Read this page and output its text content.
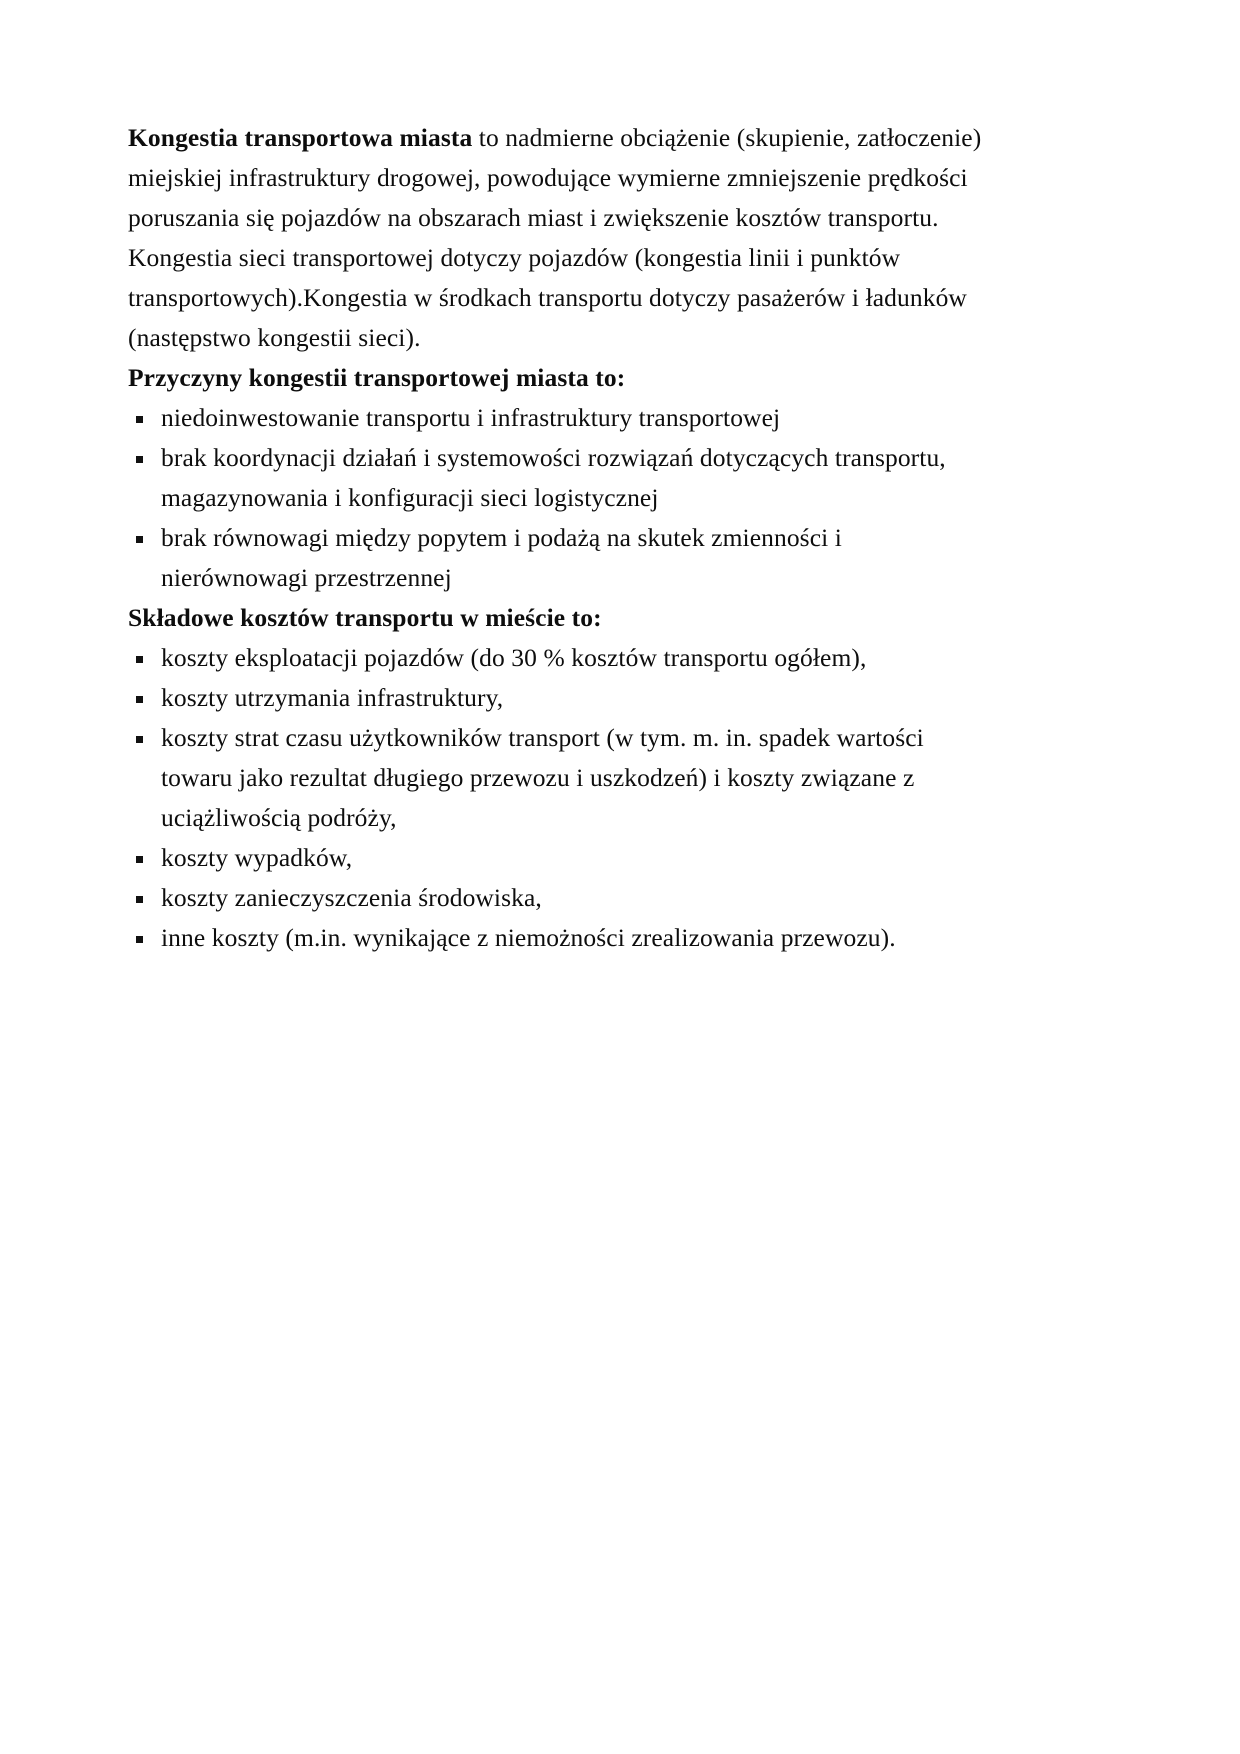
Kongestia transportowa miasta to nadmierne obciążenie (skupienie, zatłoczenie) miejskiej infrastruktury drogowej, powodujące wymierne zmniejszenie prędkości poruszania się pojazdów na obszarach miast i zwiększenie kosztów transportu. Kongestia sieci transportowej dotyczy pojazdów (kongestia linii i punktów transportowych).Kongestia w środkach transportu dotyczy pasażerów i ładunków (następstwo kongestii sieci).

Przyczyny kongestii transportowej miasta to:
niedoinwestowanie transportu i infrastruktury transportowej
brak koordynacji działań i systemowości rozwiązań dotyczących transportu, magazynowania i konfiguracji sieci logistycznej
brak równowagi między popytem i podażą na skutek zmienności i nierównowagi przestrzennej
Składowe kosztów transportu w mieście to:
koszty eksploatacji pojazdów (do 30 % kosztów transportu ogółem),
koszty utrzymania infrastruktury,
koszty strat czasu użytkowników transport (w tym. m. in. spadek wartości towaru jako rezultat długiego przewozu i uszkodzeń) i koszty związane z uciążliwością podróży,
koszty wypadków,
koszty zanieczyszczenia środowiska,
inne koszty (m.in. wynikające z niemożności zrealizowania przewozu).
